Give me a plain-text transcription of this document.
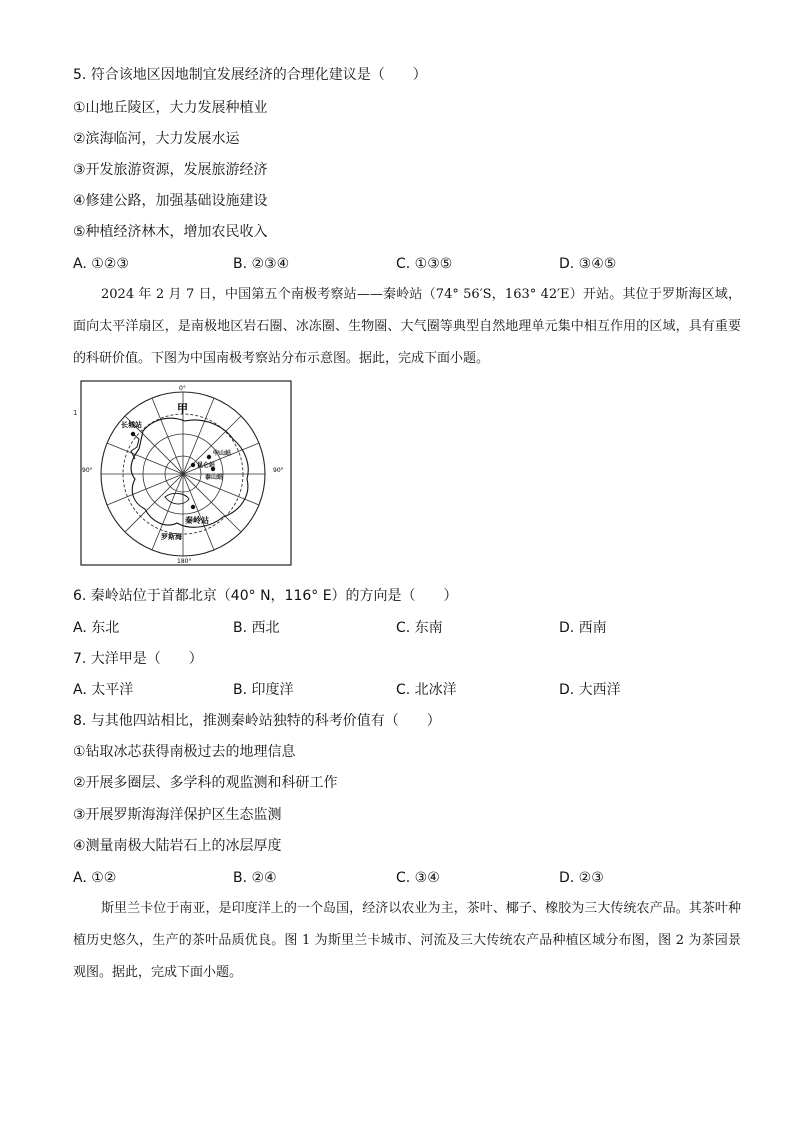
5. 符合该地区因地制宜发展经济的合理化建议是（　　）
①山地丘陵区，大力发展种植业
②滨海临河，大力发展水运
③开发旅游资源，发展旅游经济
④修建公路，加强基础设施建设
⑤种植经济林木，增加农民收入
A. ①②③	B. ②③④	C. ①③⑤	D. ③④⑤

2024 年 2 月 7 日，中国第五个南极考察站——秦岭站（74° 56′S，163° 42′E）开站。其位于罗斯海区域，面向太平洋扇区，是南极地区岩石圈、冰冻圈、生物圈、大气圈等典型自然地理单元集中相互作用的区域，具有重要的科研价值。下图为中国南极考察站分布示意图。据此，完成下面小题。

1
0°
90°	90°
180°
甲
长城站
昆仑站
中山站
泰山站
秦岭站
罗斯海
6. 秦岭站位于首都北京（40° N，116° E）的方向是（　　）
A. 东北	B. 西北	C. 东南	D. 西南
7. 大洋甲是（　　）
A. 太平洋	B. 印度洋	C. 北冰洋	D. 大西洋
8. 与其他四站相比，推测秦岭站独特的科考价值有（　　）
①钻取冰芯获得南极过去的地理信息
②开展多圈层、多学科的观监测和科研工作
③开展罗斯海海洋保护区生态监测
④测量南极大陆岩石上的冰层厚度
A. ①②	B. ②④	C. ③④	D. ②③

斯里兰卡位于南亚，是印度洋上的一个岛国，经济以农业为主，茶叶、椰子、橡胶为三大传统农产品。其茶叶种植历史悠久，生产的茶叶品质优良。图 1 为斯里兰卡城市、河流及三大传统农产品种植区域分布图，图 2 为茶园景观图。据此，完成下面小题。
